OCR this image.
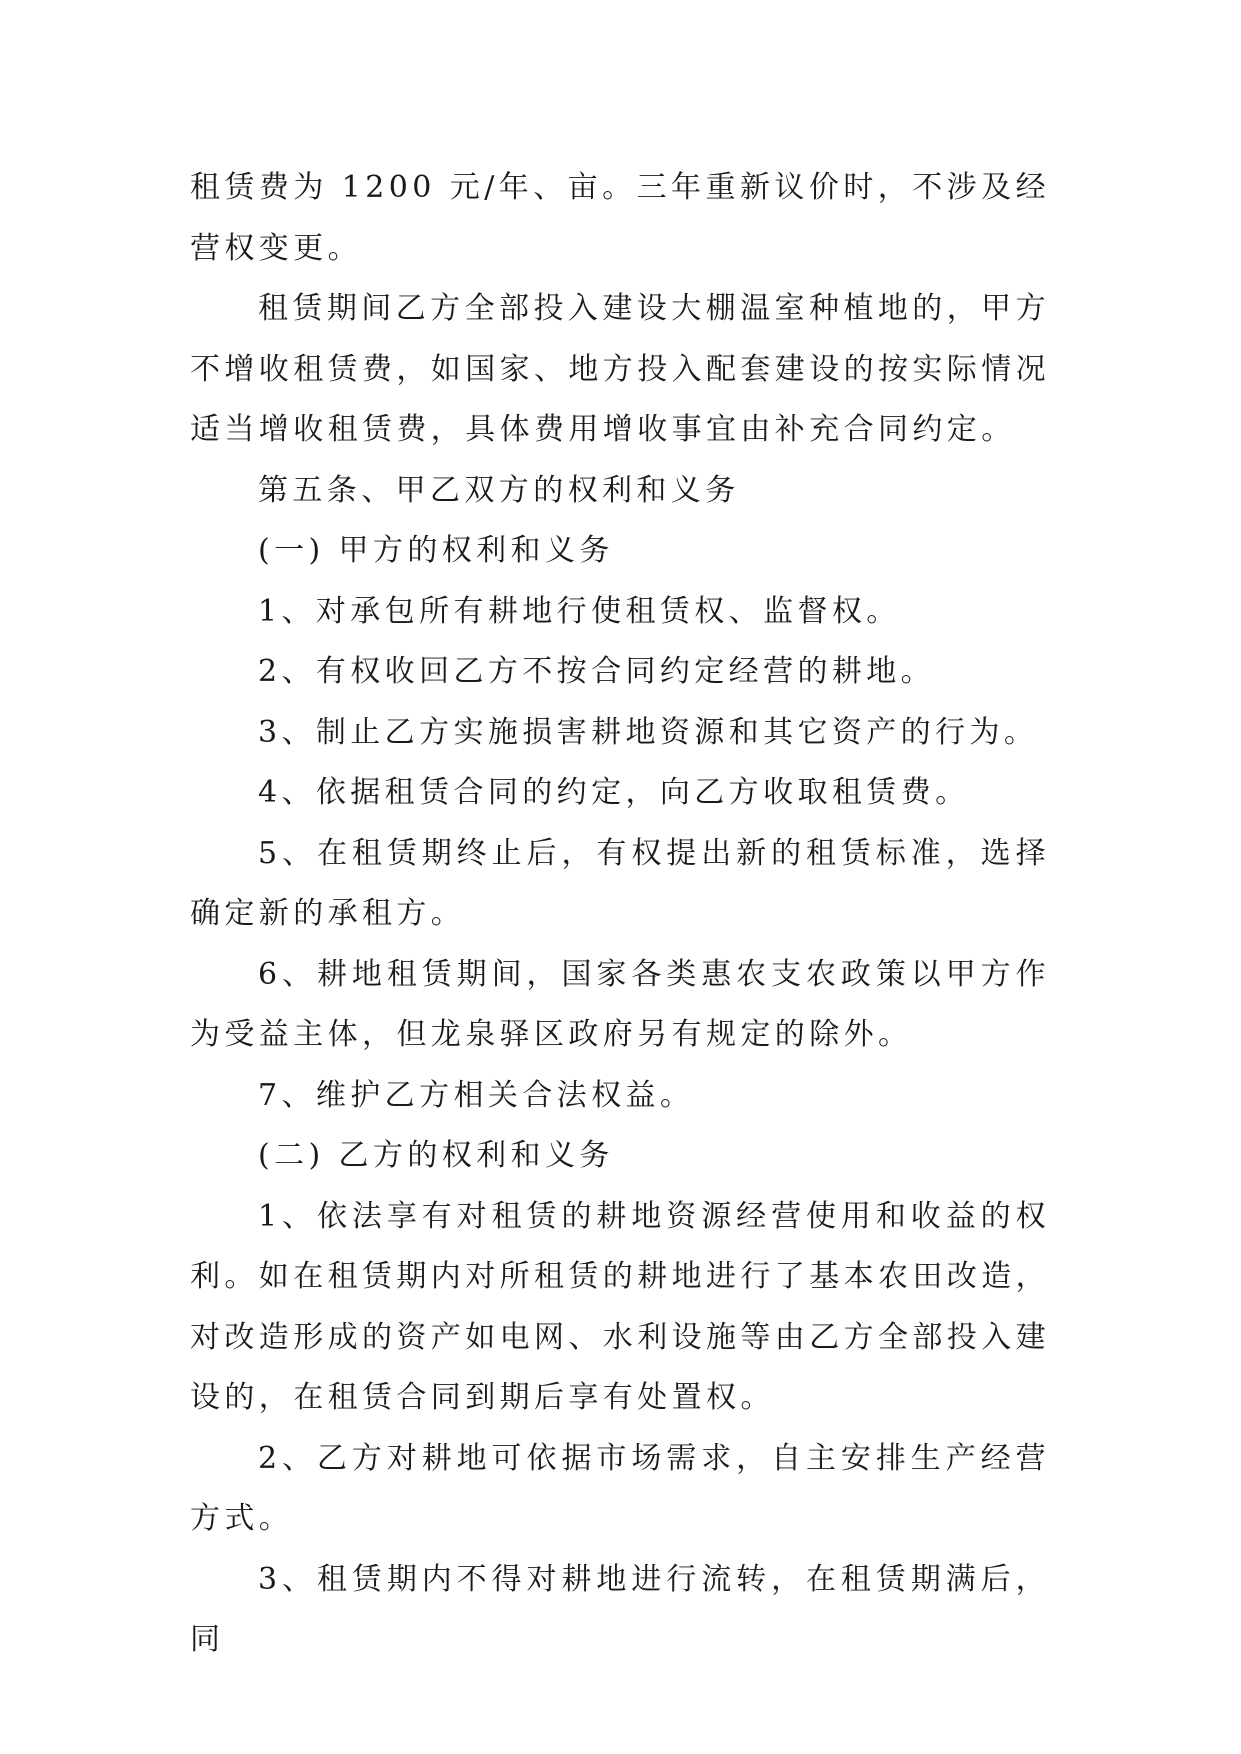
租赁费为 1200 元/年、亩。三年重新议价时，不涉及经营权变更。

租赁期间乙方全部投入建设大棚温室种植地的，甲方不增收租赁费，如国家、地方投入配套建设的按实际情况适当增收租赁费，具体费用增收事宜由补充合同约定。

第五条、甲乙双方的权利和义务

(一) 甲方的权利和义务

1、对承包所有耕地行使租赁权、监督权。

2、有权收回乙方不按合同约定经营的耕地。

3、制止乙方实施损害耕地资源和其它资产的行为。

4、依据租赁合同的约定，向乙方收取租赁费。

5、在租赁期终止后，有权提出新的租赁标准，选择确定新的承租方。

6、耕地租赁期间，国家各类惠农支农政策以甲方作为受益主体，但龙泉驿区政府另有规定的除外。

7、维护乙方相关合法权益。

(二) 乙方的权利和义务

1、依法享有对租赁的耕地资源经营使用和收益的权利。如在租赁期内对所租赁的耕地进行了基本农田改造，对改造形成的资产如电网、水利设施等由乙方全部投入建设的，在租赁合同到期后享有处置权。

2、乙方对耕地可依据市场需求，自主安排生产经营方式。

3、租赁期内不得对耕地进行流转，在租赁期满后，同
